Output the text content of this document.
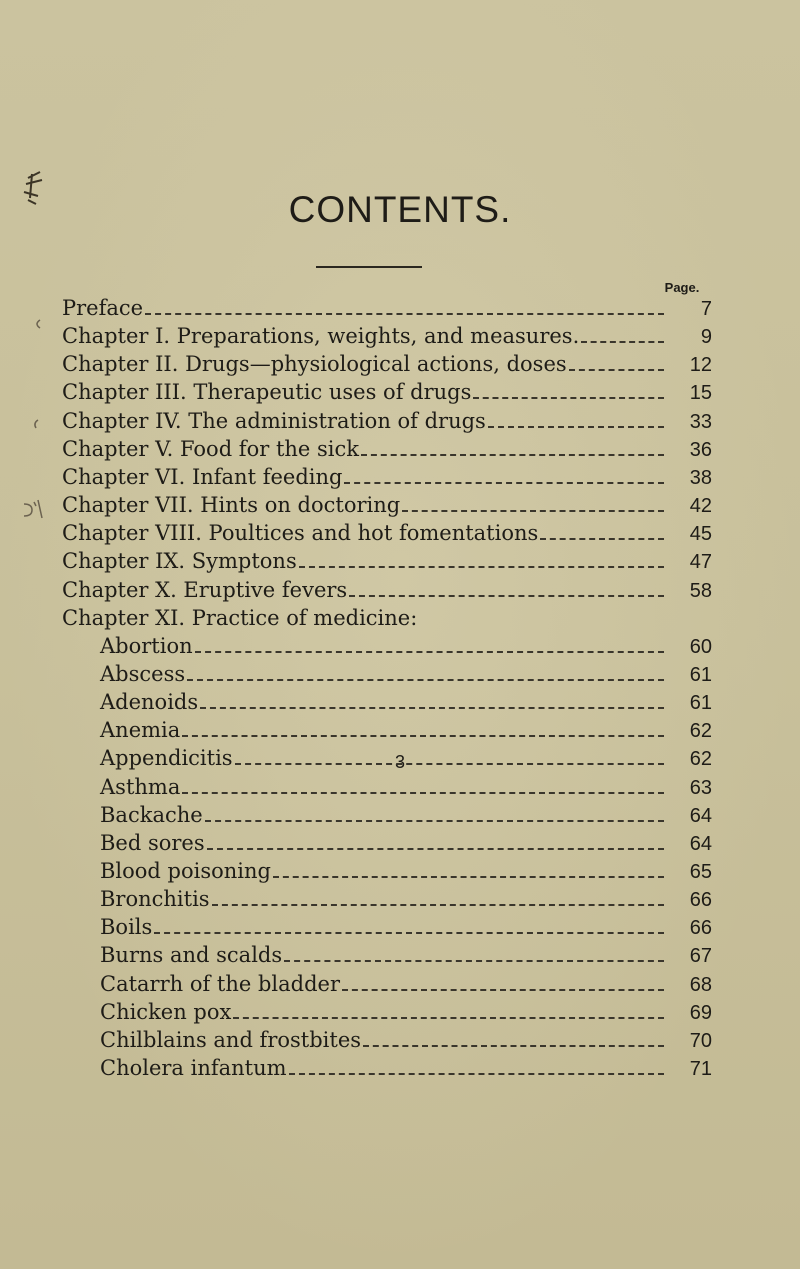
CONTENTS.
Page.
Preface	7
Chapter I. Preparations, weights, and measures.	9
Chapter II. Drugs—physiological actions, doses	12
Chapter III. Therapeutic uses of drugs	15
Chapter IV. The administration of drugs	33
Chapter V. Food for the sick	36
Chapter VI. Infant feeding	38
Chapter VII. Hints on doctoring	42
Chapter VIII. Poultices and hot fomentations	45
Chapter IX. Symptons	47
Chapter X. Eruptive fevers	58
Chapter XI. Practice of medicine:
Abortion	60
Abscess	61
Adenoids	61
Anemia	62
Appendicitis	62
Asthma	63
Backache	64
Bed sores	64
Blood poisoning	65
Bronchitis	66
Boils	66
Burns and scalds	67
Catarrh of the bladder	68
Chicken pox	69
Chilblains and frostbites	70
Cholera infantum	71
3
